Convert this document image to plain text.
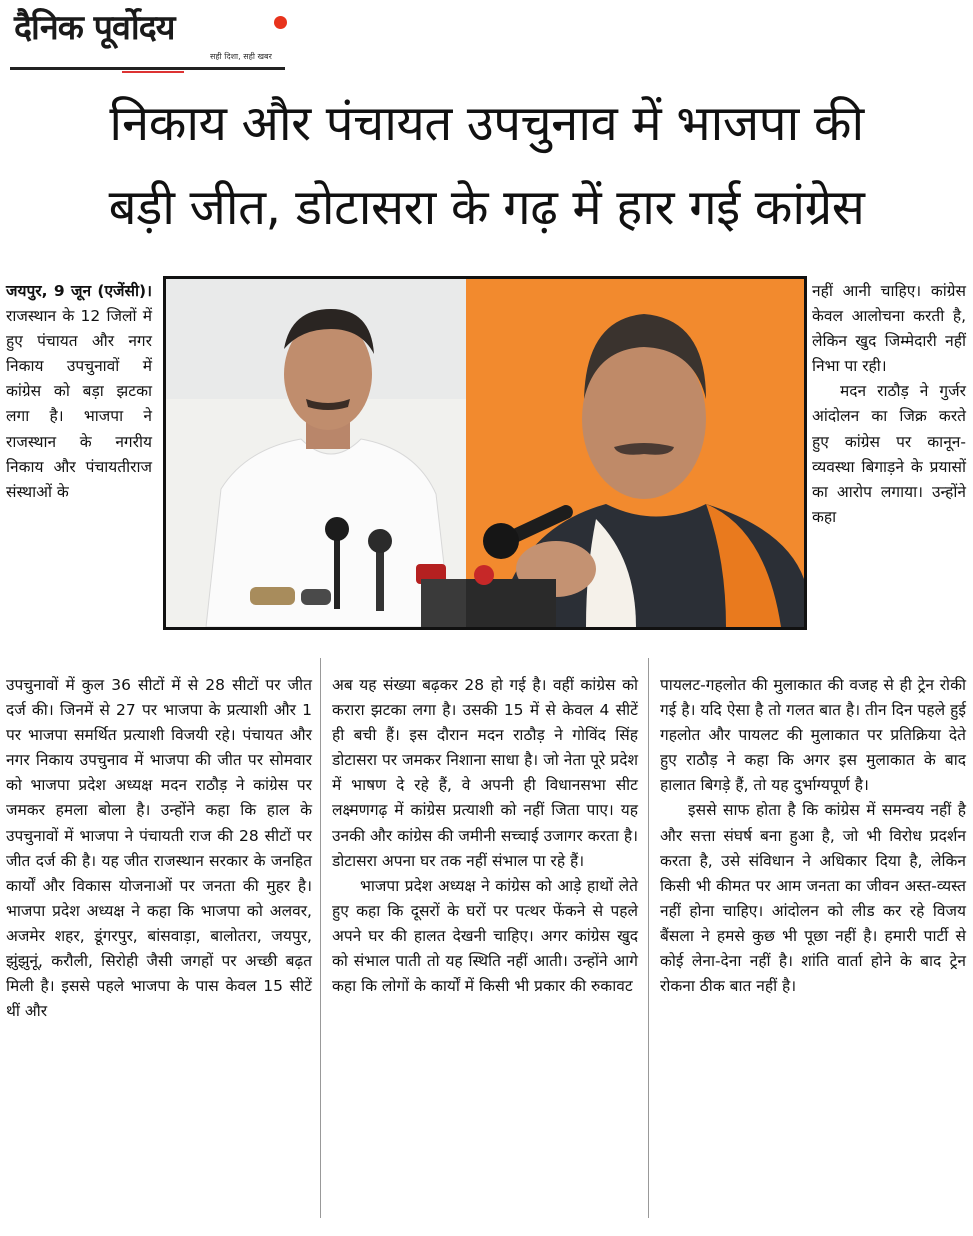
दैनिक पूर्वोदय
सही दिशा, सही खबर
निकाय और पंचायत उपचुनाव में भाजपा की
बड़ी जीत, डोटासरा के गढ़ में हार गई कांग्रेस

जयपुर, 9 जून (एजेंसी)। राजस्थान के 12 जिलों में हुए पंचायत और नगर निकाय उपचुनावों में कांग्रेस को बड़ा झटका लगा है। भाजपा ने राजस्थान के नगरीय निकाय और पंचायतीराज संस्थाओं के

नहीं आनी चाहिए। कांग्रेस केवल आलोचना करती है, लेकिन खुद जिम्मेदारी नहीं निभा पा रही।

मदन राठौड़ ने गुर्जर आंदोलन का जिक्र करते हुए कांग्रेस पर कानून-व्यवस्था बिगाड़ने के प्रयासों का आरोप लगाया। उन्होंने कहा

उपचुनावों में कुल 36 सीटों में से 28 सीटों पर जीत दर्ज की। जिनमें से 27 पर भाजपा के प्रत्याशी और 1 पर भाजपा समर्थित प्रत्याशी विजयी रहे। पंचायत और नगर निकाय उपचुनाव में भाजपा की जीत पर सोमवार को भाजपा प्रदेश अध्यक्ष मदन राठौड़ ने कांग्रेस पर जमकर हमला बोला है। उन्होंने कहा कि हाल के उपचुनावों में भाजपा ने पंचायती राज की 28 सीटों पर जीत दर्ज की है। यह जीत राजस्थान सरकार के जनहित कार्यों और विकास योजनाओं पर जनता की मुहर है। भाजपा प्रदेश अध्यक्ष ने कहा कि भाजपा को अलवर, अजमेर शहर, डूंगरपुर, बांसवाड़ा, बालोतरा, जयपुर, झुंझुनूं, करौली, सिरोही जैसी जगहों पर अच्छी बढ़त मिली है। इससे पहले भाजपा के पास केवल 15 सीटें थीं और

अब यह संख्या बढ़कर 28 हो गई है। वहीं कांग्रेस को करारा झटका लगा है। उसकी 15 में से केवल 4 सीटें ही बची हैं। इस दौरान मदन राठौड़ ने गोविंद सिंह डोटासरा पर जमकर निशाना साधा है। जो नेता पूरे प्रदेश में भाषण दे रहे हैं, वे अपनी ही विधानसभा सीट लक्ष्मणगढ़ में कांग्रेस प्रत्याशी को नहीं जिता पाए। यह उनकी और कांग्रेस की जमीनी सच्चाई उजागर करता है। डोटासरा अपना घर तक नहीं संभाल पा रहे हैं।

भाजपा प्रदेश अध्यक्ष ने कांग्रेस को आड़े हाथों लेते हुए कहा कि दूसरों के घरों पर पत्थर फेंकने से पहले अपने घर की हालत देखनी चाहिए। अगर कांग्रेस खुद को संभाल पाती तो यह स्थिति नहीं आती। उन्होंने आगे कहा कि लोगों के कार्यों में किसी भी प्रकार की रुकावट

पायलट-गहलोत की मुलाकात की वजह से ही ट्रेन रोकी गई है। यदि ऐसा है तो गलत बात है। तीन दिन पहले हुई गहलोत और पायलट की मुलाकात पर प्रतिक्रिया देते हुए राठौड़ ने कहा कि अगर इस मुलाकात के बाद हालात बिगड़े हैं, तो यह दुर्भाग्यपूर्ण है।

इससे साफ होता है कि कांग्रेस में समन्वय नहीं है और सत्ता संघर्ष बना हुआ है, जो भी विरोध प्रदर्शन करता है, उसे संविधान ने अधिकार दिया है, लेकिन किसी भी कीमत पर आम जनता का जीवन अस्त-व्यस्त नहीं होना चाहिए। आंदोलन को लीड कर रहे विजय बैंसला ने हमसे कुछ भी पूछा नहीं है। हमारी पार्टी से कोई लेना-देना नहीं है। शांति वार्ता होने के बाद ट्रेन रोकना ठीक बात नहीं है।
